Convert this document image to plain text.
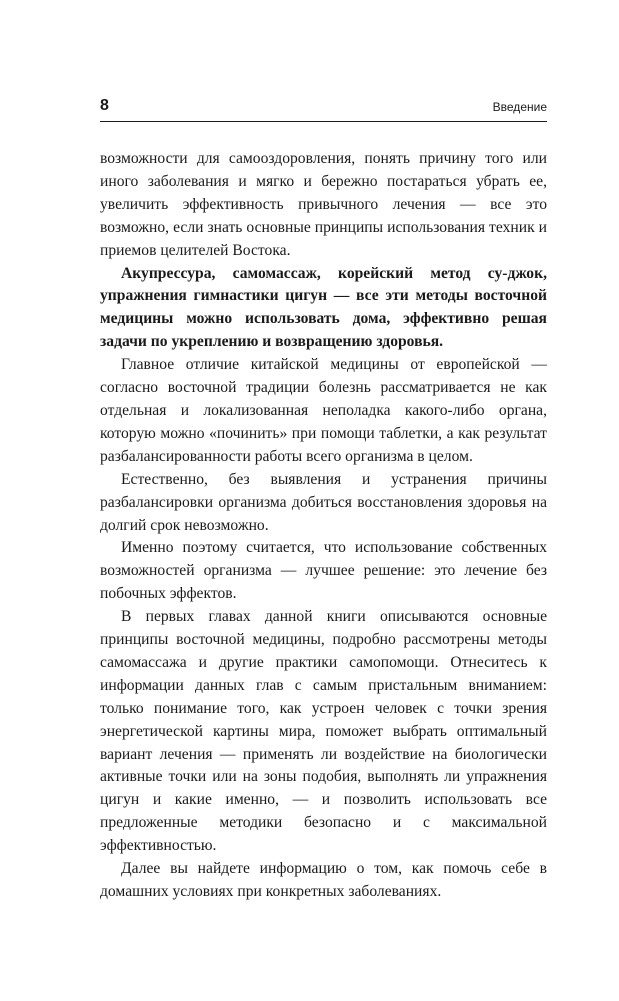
8	Введение

возможности для самооздоровления, понять причину того или иного заболевания и мягко и бережно постараться убрать ее, увеличить эффективность привычного лечения — все это возможно, если знать основные принципы использования техник и приемов целителей Востока.

Акупрессура, самомассаж, корейский метод су-джок, упражнения гимнастики цигун — все эти методы восточной медицины можно использовать дома, эффективно решая задачи по укреплению и возвращению здоровья.

Главное отличие китайской медицины от европейской — согласно восточной традиции болезнь рассматривается не как отдельная и локализованная неполадка какого-либо органа, которую можно «починить» при помощи таблетки, а как результат разбалансированности работы всего организма в целом.

Естественно, без выявления и устранения причины разбалансировки организма добиться восстановления здоровья на долгий срок невозможно.

Именно поэтому считается, что использование собственных возможностей организма — лучшее решение: это лечение без побочных эффектов.

В первых главах данной книги описываются основные принципы восточной медицины, подробно рассмотрены методы самомассажа и другие практики самопомощи. Отнеситесь к информации данных глав с самым пристальным вниманием: только понимание того, как устроен человек с точки зрения энергетической картины мира, поможет выбрать оптимальный вариант лечения — применять ли воздействие на биологически активные точки или на зоны подобия, выполнять ли упражнения цигун и какие именно, — и позволить использовать все предложенные методики безопасно и с максимальной эффективностью.

Далее вы найдете информацию о том, как помочь себе в домашних условиях при конкретных заболеваниях.
